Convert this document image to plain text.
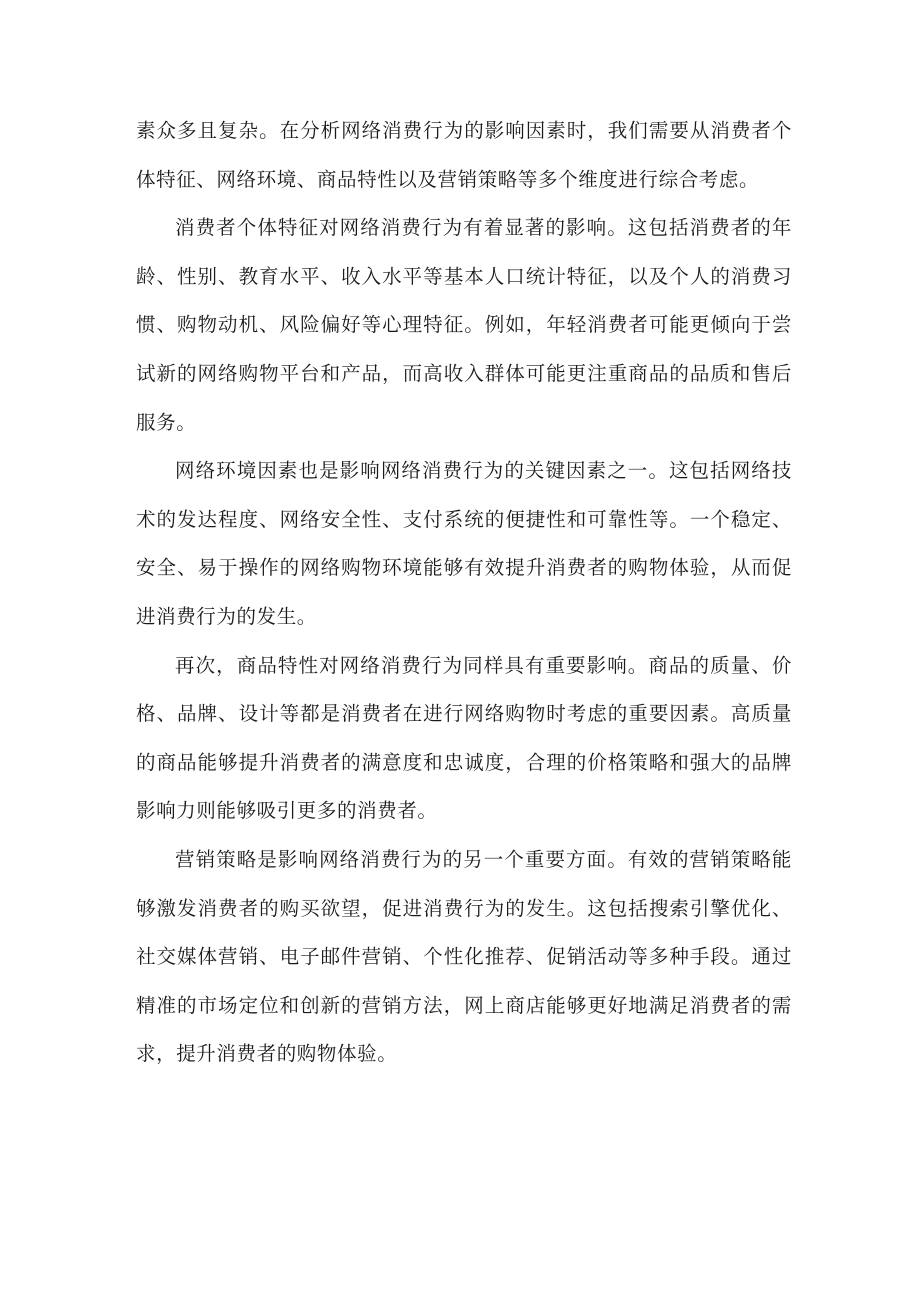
素众多且复杂。在分析网络消费行为的影响因素时，我们需要从消费者个体特征、网络环境、商品特性以及营销策略等多个维度进行综合考虑。

消费者个体特征对网络消费行为有着显著的影响。这包括消费者的年龄、性别、教育水平、收入水平等基本人口统计特征，以及个人的消费习惯、购物动机、风险偏好等心理特征。例如，年轻消费者可能更倾向于尝试新的网络购物平台和产品，而高收入群体可能更注重商品的品质和售后服务。

网络环境因素也是影响网络消费行为的关键因素之一。这包括网络技术的发达程度、网络安全性、支付系统的便捷性和可靠性等。一个稳定、安全、易于操作的网络购物环境能够有效提升消费者的购物体验，从而促进消费行为的发生。

再次，商品特性对网络消费行为同样具有重要影响。商品的质量、价格、品牌、设计等都是消费者在进行网络购物时考虑的重要因素。高质量的商品能够提升消费者的满意度和忠诚度，合理的价格策略和强大的品牌影响力则能够吸引更多的消费者。

营销策略是影响网络消费行为的另一个重要方面。有效的营销策略能够激发消费者的购买欲望，促进消费行为的发生。这包括搜索引擎优化、社交媒体营销、电子邮件营销、个性化推荐、促销活动等多种手段。通过精准的市场定位和创新的营销方法，网上商店能够更好地满足消费者的需求，提升消费者的购物体验。
